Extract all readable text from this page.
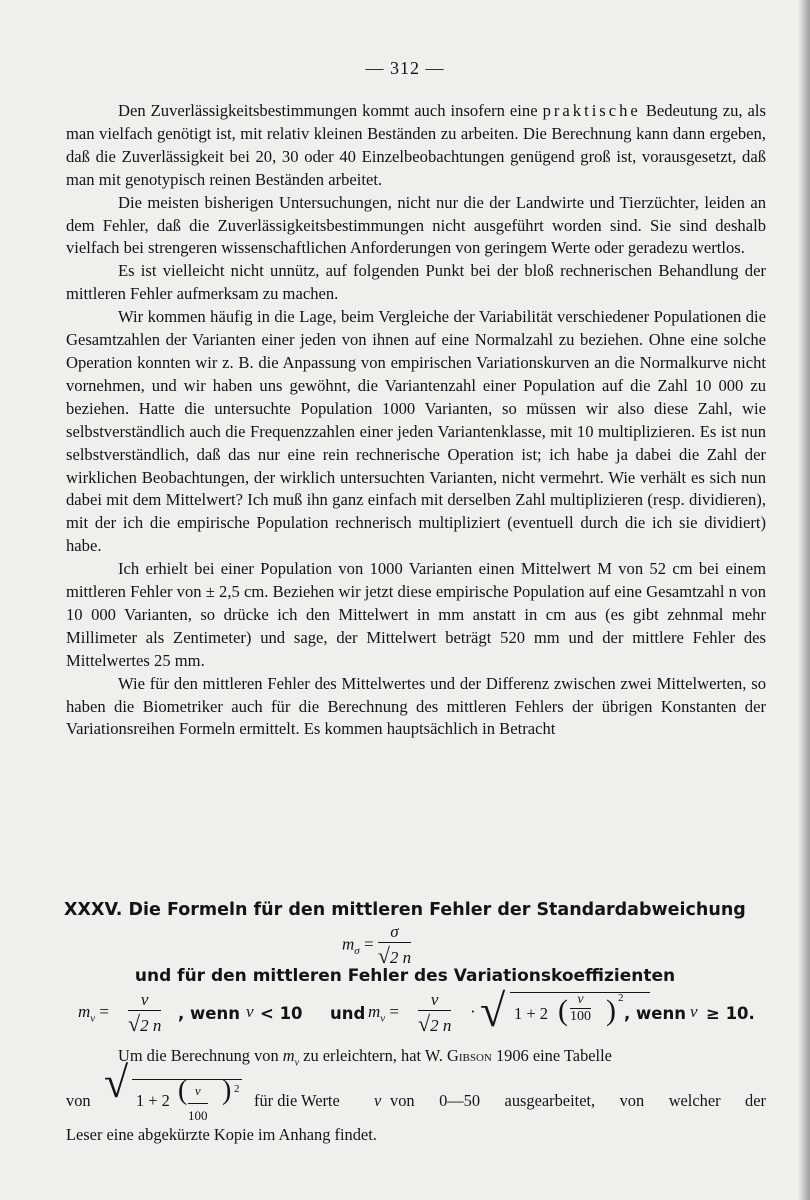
— 312 —

Den Zuverlässigkeitsbestimmungen kommt auch insofern eine praktische Bedeutung zu, als man vielfach genötigt ist, mit relativ kleinen Beständen zu arbeiten. Die Berechnung kann dann ergeben, daß die Zuverlässigkeit bei 20, 30 oder 40 Einzelbeobachtungen genügend groß ist, vorausgesetzt, daß man mit genotypisch reinen Beständen arbeitet.

Die meisten bisherigen Untersuchungen, nicht nur die der Landwirte und Tierzüchter, leiden an dem Fehler, daß die Zuverlässigkeitsbestimmungen nicht ausgeführt worden sind. Sie sind deshalb vielfach bei strengeren wissenschaftlichen Anforderungen von geringem Werte oder geradezu wertlos.

Es ist vielleicht nicht unnütz, auf folgenden Punkt bei der bloß rechnerischen Behandlung der mittleren Fehler aufmerksam zu machen.

Wir kommen häufig in die Lage, beim Vergleiche der Variabilität verschiedener Populationen die Gesamtzahlen der Varianten einer jeden von ihnen auf eine Normalzahl zu beziehen. Ohne eine solche Operation konnten wir z. B. die Anpassung von empirischen Variationskurven an die Normalkurve nicht vornehmen, und wir haben uns gewöhnt, die Variantenzahl einer Population auf die Zahl 10 000 zu beziehen. Hatte die untersuchte Population 1000 Varianten, so müssen wir also diese Zahl, wie selbstverständlich auch die Frequenzzahlen einer jeden Variantenklasse, mit 10 multiplizieren. Es ist nun selbstverständlich, daß das nur eine rein rechnerische Operation ist; ich habe ja dabei die Zahl der wirklichen Beobachtungen, der wirklich untersuchten Varianten, nicht vermehrt. Wie verhält es sich nun dabei mit dem Mittelwert? Ich muß ihn ganz einfach mit derselben Zahl multiplizieren (resp. dividieren), mit der ich die empirische Population rechnerisch multipliziert (eventuell durch die ich sie dividiert) habe.

Ich erhielt bei einer Population von 1000 Varianten einen Mittelwert M von 52 cm bei einem mittleren Fehler von ± 2,5 cm. Beziehen wir jetzt diese empirische Population auf eine Gesamtzahl n von 10 000 Varianten, so drücke ich den Mittelwert in mm anstatt in cm aus (es gibt zehnmal mehr Millimeter als Zentimeter) und sage, der Mittelwert beträgt 520 mm und der mittlere Fehler des Mittelwertes 25 mm.

Wie für den mittleren Fehler des Mittelwertes und der Differenz zwischen zwei Mittelwerten, so haben die Biometriker auch für die Berechnung des mittleren Fehlers der übrigen Konstanten der Variationsreihen Formeln ermittelt. Es kommen hauptsächlich in Betracht

XXXV. Die Formeln für den mittleren Fehler der Standardabweichung
$m_\sigma = \frac{\sigma}{√2 n}$
und für den mittleren Fehler des Variationskoeffizienten
$m_v = \frac{v}{√2 n}$ , wenn v < 10 und $m_v = \frac{v}{√2 n}$ · √ 1 + 2 ( $\frac{v}{100}$ ) 2
, wenn v ≥ 10.

Um die Berechnung von $m_v$ zu erleichtern, hat W. Gibson 1906 eine Tabelle

von √ 1 + 2 ( $\frac{v}{100}$ ) 2
für die Werte v von 0—50 ausgearbeitet, von welcher der
Leser eine abgekürzte Kopie im Anhang findet.
